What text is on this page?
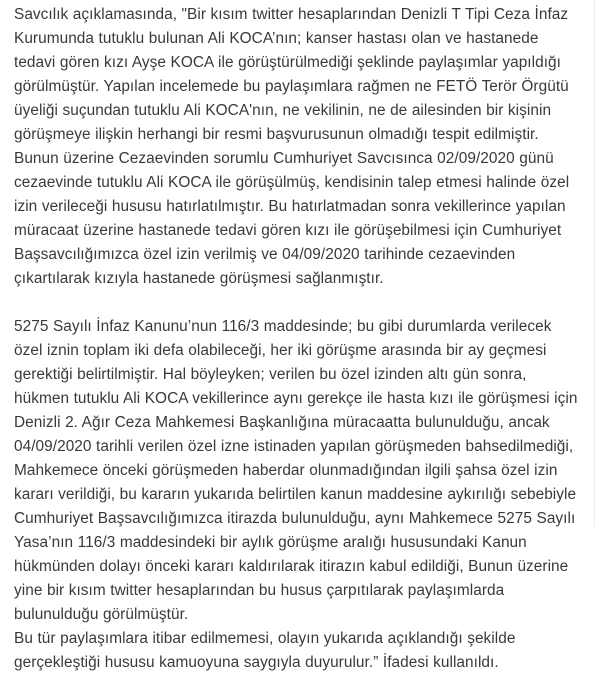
Savcılık açıklamasında, "Bir kısım twitter hesaplarından Denizli T Tipi Ceza İnfaz Kurumunda tutuklu bulunan Ali KOCA’nın; kanser hastası olan ve hastanede tedavi gören kızı Ayşe KOCA ile görüştürülmediği şeklinde paylaşımlar yapıldığı görülmüştür. Yapılan incelemede bu paylaşımlara rağmen ne FETÖ Terör Örgütü üyeliği suçundan tutuklu Ali KOCA'nın, ne vekilinin, ne de ailesinden bir kişinin görüşmeye ilişkin herhangi bir resmi başvurusunun olmadığı tespit edilmiştir. Bunun üzerine Cezaevinden sorumlu Cumhuriyet Savcısınca 02/09/2020 günü cezaevinde tutuklu Ali KOCA ile görüşülmüş, kendisinin talep etmesi halinde özel izin verileceği hususu hatırlatılmıştır. Bu hatırlatmadan sonra vekillerince yapılan müracaat üzerine hastanede tedavi gören kızı ile görüşebilmesi için Cumhuriyet Başsavcılığımızca özel izin verilmiş ve 04/09/2020 tarihinde cezaevinden çıkartılarak kızıyla hastanede görüşmesi sağlanmıştır.

5275 Sayılı İnfaz Kanunu’nun 116/3 maddesinde; bu gibi durumlarda verilecek özel iznin toplam iki defa olabileceği, her iki görüşme arasında bir ay geçmesi gerektiği belirtilmiştir. Hal böyleyken; verilen bu özel izinden altı gün sonra, hükmen tutuklu Ali KOCA vekillerince aynı gerekçe ile hasta kızı ile görüşmesi için Denizli 2. Ağır Ceza Mahkemesi Başkanlığına müracaatta bulunulduğu, ancak 04/09/2020 tarihli verilen özel izne istinaden yapılan görüşmeden bahsedilmediği, Mahkemece önceki görüşmeden haberdar olunmadığından ilgili şahsa özel izin kararı verildiği, bu kararın yukarıda belirtilen kanun maddesine aykırılığı sebebiyle Cumhuriyet Başsavcılığımızca itirazda bulunulduğu, aynı Mahkemece 5275 Sayılı Yasa’nın 116/3 maddesindeki bir aylık görüşme aralığı hususundaki Kanun hükmünden dolayı önceki kararı kaldırılarak itirazın kabul edildiği, Bunun üzerine yine bir kısım twitter hesaplarından bu husus çarpıtılarak paylaşımlarda bulunulduğu görülmüştür.

Bu tür paylaşımlara itibar edilmemesi, olayın yukarıda açıklandığı şekilde gerçekleştiği hususu kamuoyuna saygıyla duyurulur.” İfadesi kullanıldı.
